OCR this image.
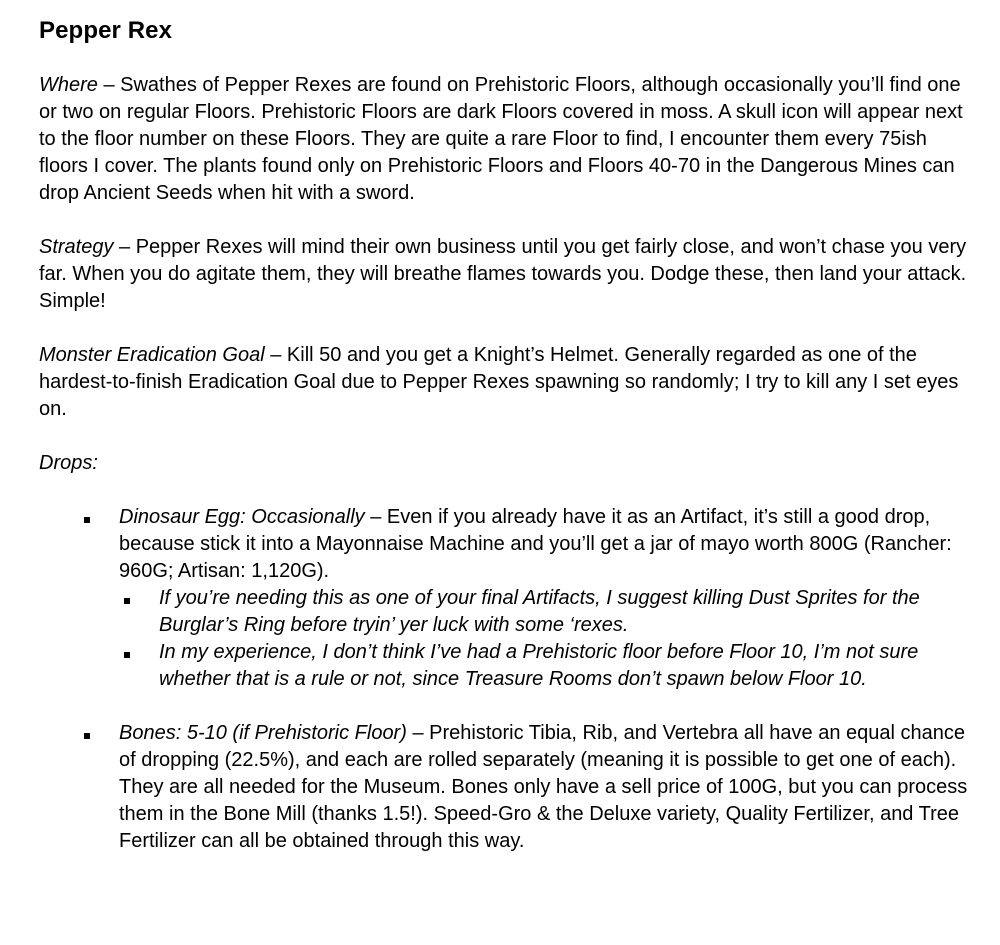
Pepper Rex

Where – Swathes of Pepper Rexes are found on Prehistoric Floors, although occasionally you’ll find one or two on regular Floors. Prehistoric Floors are dark Floors covered in moss. A skull icon will appear next to the floor number on these Floors. They are quite a rare Floor to find, I encounter them every 75ish floors I cover. The plants found only on Prehistoric Floors and Floors 40-70 in the Dangerous Mines can drop Ancient Seeds when hit with a sword.

Strategy – Pepper Rexes will mind their own business until you get fairly close, and won’t chase you very far. When you do agitate them, they will breathe flames towards you. Dodge these, then land your attack. Simple!

Monster Eradication Goal – Kill 50 and you get a Knight’s Helmet. Generally regarded as one of the hardest-to-finish Eradication Goal due to Pepper Rexes spawning so randomly; I try to kill any I set eyes on.

Drops:

Dinosaur Egg: Occasionally – Even if you already have it as an Artifact, it’s still a good drop, because stick it into a Mayonnaise Machine and you’ll get a jar of mayo worth 800G (Rancher: 960G; Artisan: 1,120G).
If you’re needing this as one of your final Artifacts, I suggest killing Dust Sprites for the Burglar’s Ring before tryin’ yer luck with some ‘rexes.
In my experience, I don’t think I’ve had a Prehistoric floor before Floor 10, I’m not sure whether that is a rule or not, since Treasure Rooms don’t spawn below Floor 10.
Bones: 5-10 (if Prehistoric Floor) – Prehistoric Tibia, Rib, and Vertebra all have an equal chance of dropping (22.5%), and each are rolled separately (meaning it is possible to get one of each). They are all needed for the Museum. Bones only have a sell price of 100G, but you can process them in the Bone Mill (thanks 1.5!). Speed-Gro & the Deluxe variety, Quality Fertilizer, and Tree Fertilizer can all be obtained through this way.
